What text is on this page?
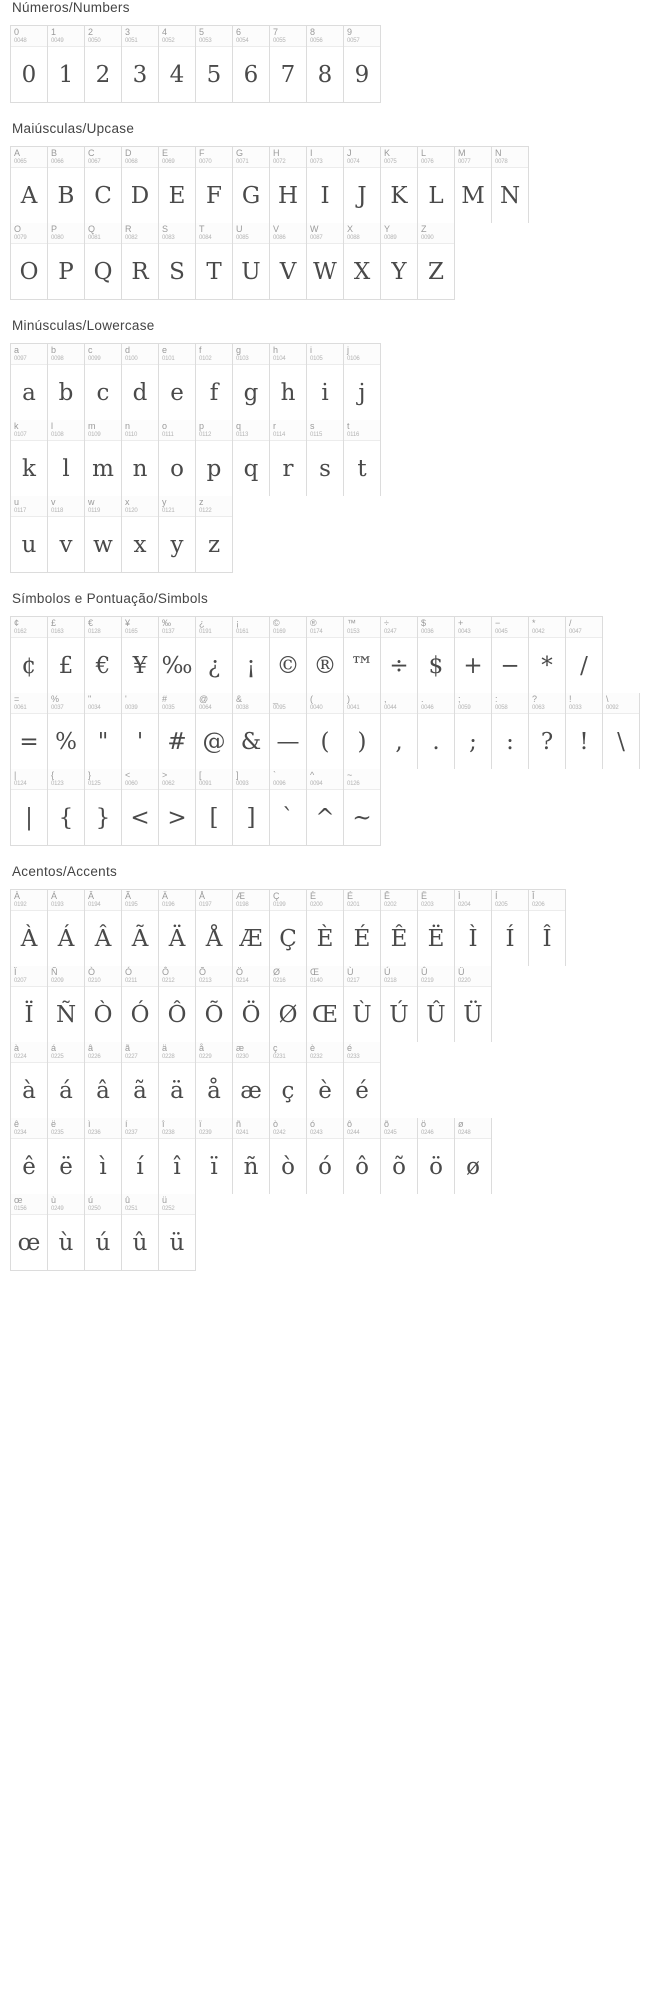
Números/Numbers
0
0048
0
1
0049
1
2
0050
2
3
0051
3
4
0052
4
5
0053
5
6
0054
6
7
0055
7
8
0056
8
9
0057
9
Maiúsculas/Upcase
A
0065
A
B
0066
B
C
0067
C
D
0068
D
E
0069
E
F
0070
F
G
0071
G
H
0072
H
I
0073
I
J
0074
J
K
0075
K
L
0076
L
M
0077
M
N
0078
N
O
0079
O
P
0080
P
Q
0081
Q
R
0082
R
S
0083
S
T
0084
T
U
0085
U
V
0086
V
W
0087
W
X
0088
X
Y
0089
Y
Z
0090
Z
Minúsculas/Lowercase
a
0097
a
b
0098
b
c
0099
c
d
0100
d
e
0101
e
f
0102
f
g
0103
g
h
0104
h
i
0105
i
j
0106
j
k
0107
k
l
0108
l
m
0109
m
n
0110
n
o
0111
o
p
0112
p
q
0113
q
r
0114
r
s
0115
s
t
0116
t
u
0117
u
v
0118
v
w
0119
w
x
0120
x
y
0121
y
z
0122
z
Símbolos e Pontuação/Simbols
¢
0162
¢
£
0163
£
€
0128
€
¥
0165
¥
‰
0137
‰
¿
0191
¿
¡
0161
¡
©
0169
©
®
0174
®
™
0153
™
÷
0247
÷
$
0036
$
+
0043
+
−
0045
−
*
0042
*
/
0047
/
=
0061
=
%
0037
%
"
0034
"
'
0039
'
#
0035
#
@
0064
@
&
0038
&
_
0095
—
(
0040
(
)
0041
)
,
0044
,
.
0046
.
;
0059
;
:
0058
:
?
0063
?
!
0033
!
\
0092
\
|
0124
|
{
0123
{
}
0125
}
<
0060
<
>
0062
>
[
0091
[
]
0093
]
`
0096
`
^
0094
^
~
0126
~
Acentos/Accents
À
0192
À
Á
0193
Á
Â
0194
Â
Ã
0195
Ã
Ä
0196
Ä
Å
0197
Å
Æ
0198
Æ
Ç
0199
Ç
È
0200
È
É
0201
É
Ê
0202
Ê
Ë
0203
Ë
Ì
0204
Ì
Í
0205
Í
Î
0206
Î
Ï
0207
Ï
Ñ
0209
Ñ
Ò
0210
Ò
Ó
0211
Ó
Ô
0212
Ô
Õ
0213
Õ
Ö
0214
Ö
Ø
0216
Ø
Œ
0140
Œ
Ù
0217
Ù
Ú
0218
Ú
Û
0219
Û
Ü
0220
Ü
à
0224
à
á
0225
á
â
0226
â
ã
0227
ã
ä
0228
ä
å
0229
å
æ
0230
æ
ç
0231
ç
è
0232
è
é
0233
é
ê
0234
ê
ë
0235
ë
ì
0236
ì
í
0237
í
î
0238
î
ï
0239
ï
ñ
0241
ñ
ò
0242
ò
ó
0243
ó
ô
0244
ô
õ
0245
õ
ö
0246
ö
ø
0248
ø
œ
0156
œ
ù
0249
ù
ú
0250
ú
û
0251
û
ü
0252
ü
